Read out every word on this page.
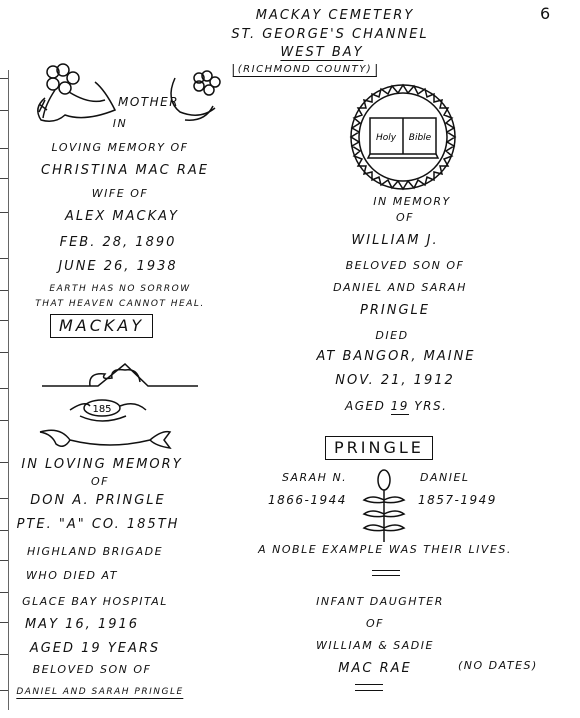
MACKAY CEMETERY
ST. GEORGE'S CHANNEL
WEST BAY
(RICHMOND COUNTY)
6
MOTHER
IN
LOVING MEMORY OF
CHRISTINA MAC RAE
WIFE OF
ALEX MACKAY
FEB. 28, 1890
JUNE 26, 1938
EARTH HAS NO SORROW
THAT HEAVEN CANNOT HEAL.
MACKAY
185
IN LOVING MEMORY
OF
DON A. PRINGLE
PTE. "A" CO. 185TH
HIGHLAND BRIGADE
WHO DIED AT
GLACE BAY HOSPITAL
MAY 16, 1916
AGED 19 YEARS
BELOVED SON OF
DANIEL AND SARAH PRINGLE
Holy Bible
IN MEMORY
OF
WILLIAM J.
BELOVED SON OF
DANIEL AND SARAH
PRINGLE
DIED
AT BANGOR, MAINE
NOV. 21, 1912
AGED 19 YRS.
PRINGLE
SARAH N.
1866-1944
DANIEL
1857-1949
A NOBLE EXAMPLE WAS THEIR LIVES.
INFANT DAUGHTER
OF
WILLIAM & SADIE
MAC RAE	(NO DATES)
